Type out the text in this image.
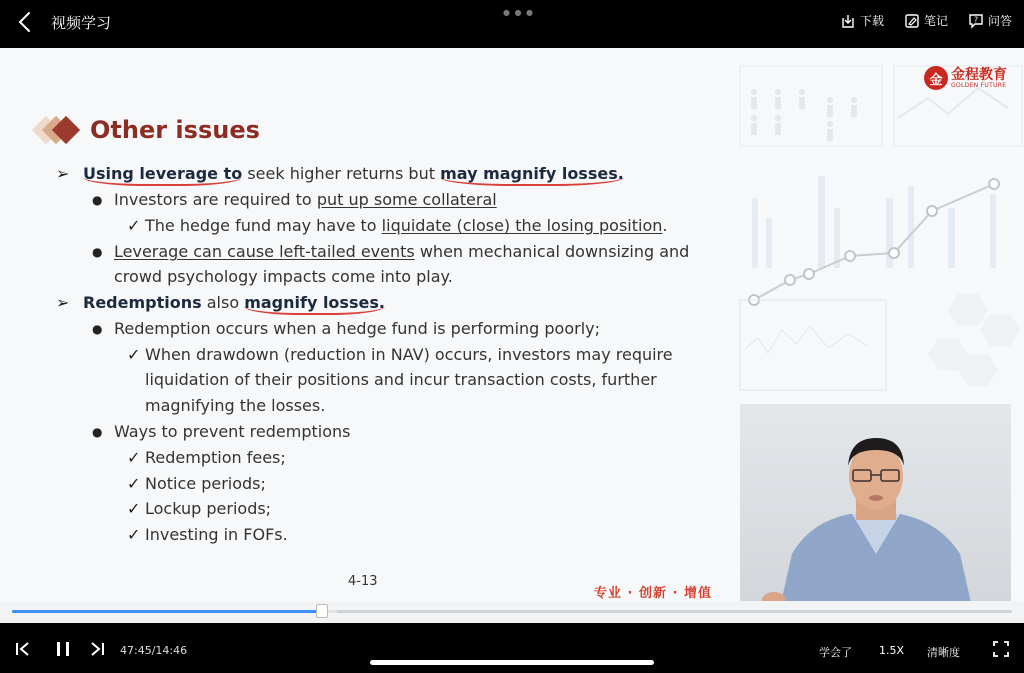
视频学习
● ● ●
下载	笔记	? 问答
金 金程教育
GOLDEN FUTURE
Other issues
➢
●
✓
●
➢
●
✓
●
✓
✓
✓
✓
Using leverage to seek higher returns but may magnify losses.
Investors are required to put up some collateral
The hedge fund may have to liquidate (close) the losing position.
Leverage can cause left-tailed events when mechanical downsizing and
crowd psychology impacts come into play.
Redemptions also magnify losses.
Redemption occurs when a hedge fund is performing poorly;
When drawdown (reduction in NAV) occurs, investors may require
liquidation of their positions and incur transaction costs, further
magnifying the losses.
Ways to prevent redemptions
Redemption fees;
Notice periods;
Lockup periods;
Investing in FOFs.
4-13
专业 · 创新 · 增值
47:45/14:46	学会了 1.5X 清晰度
